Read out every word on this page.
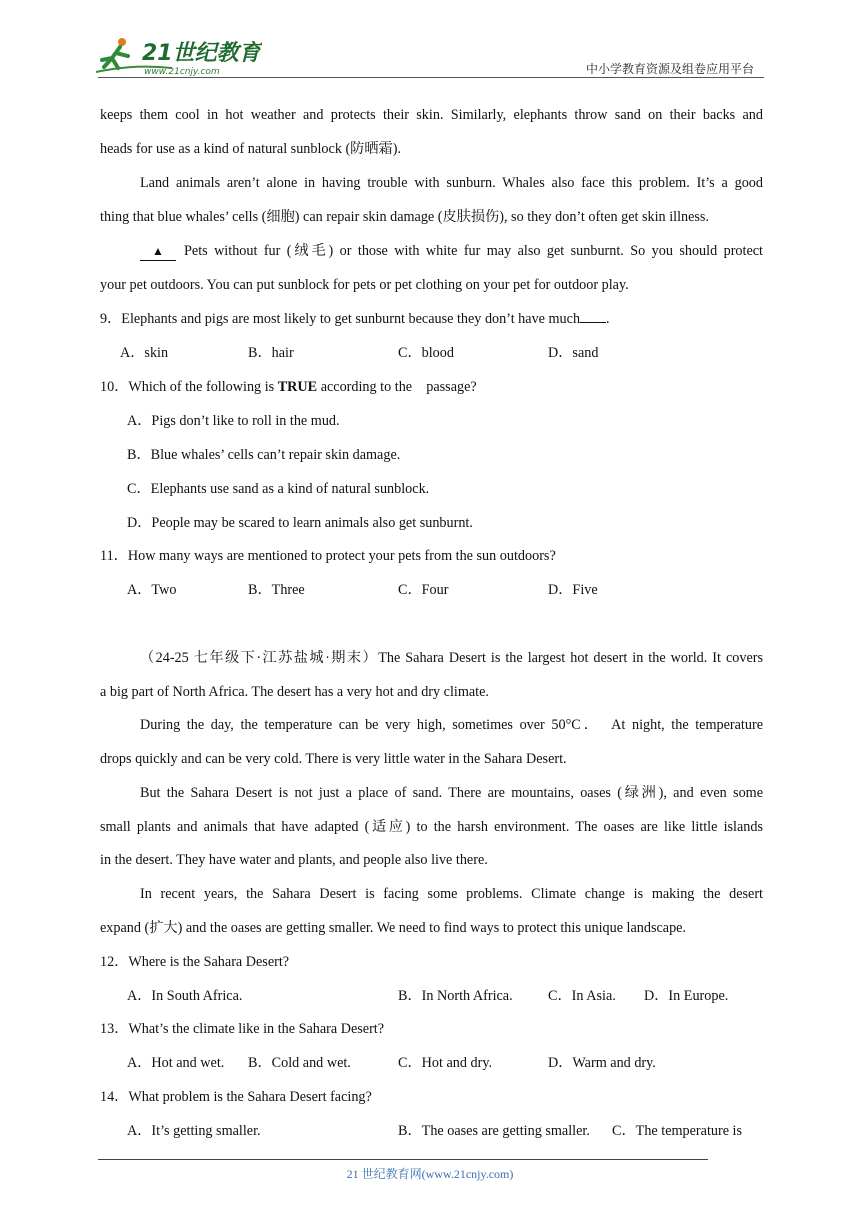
21世纪教育
www.21cnjy.com	中小学教育资源及组卷应用平台
keeps them cool in hot weather and protects their skin. Similarly, elephants throw sand on their backs and
heads for use as a kind of natural sunblock (防晒霜).
Land animals aren’t alone in having trouble with sunburn. Whales also face this problem. It’s a good
thing that blue whales’ cells (细胞) can repair skin damage (皮肤损伤), so they don’t often get skin illness.
▲	Pets without fur (绒毛) or those with white fur may also get sunburnt. So you should protect
your pet outdoors. You can put sunblock for pets or pet clothing on your pet for outdoor play.
9．Elephants and pigs are most likely to get sunburnt because they don’t have much .
A．skin	B．hair	C．blood	D．sand
10．Which of the following is TRUE according to the　passage?
A．Pigs don’t like to roll in the mud.
B．Blue whales’ cells can’t repair skin damage.
C．Elephants use sand as a kind of natural sunblock.
D．People may be scared to learn animals also get sunburnt.
11．How many ways are mentioned to protect your pets from the sun outdoors?
A．Two	B．Three	C．Four	D．Five
（24-25 七年级下·江苏盐城·期末）The Sahara Desert is the largest hot desert in the world. It covers
a big part of North Africa. The desert has a very hot and dry climate.
During the day, the temperature can be very high, sometimes over 50°C．　At night, the temperature
drops quickly and can be very cold. There is very little water in the Sahara Desert.
But the Sahara Desert is not just a place of sand. There are mountains, oases (绿洲), and even some
small plants and animals that have adapted (适应) to the harsh environment. The oases are like little islands
in the desert. They have water and plants, and people also live there.
In recent years, the Sahara Desert is facing some problems. Climate change is making the desert
expand (扩大) and the oases are getting smaller. We need to find ways to protect this unique landscape.
12．Where is the Sahara Desert?
A．In South Africa.	B．In North Africa. C．In Asia. D．In Europe.
13．What’s the climate like in the Sahara Desert?
A．Hot and wet. B．Cold and wet.	C．Hot and dry.	D．Warm and dry.
14．What problem is the Sahara Desert facing?
A．It’s getting smaller.	B．The oases are getting smaller. C．The temperature is
21 世纪教育网(www.21cnjy.com)
